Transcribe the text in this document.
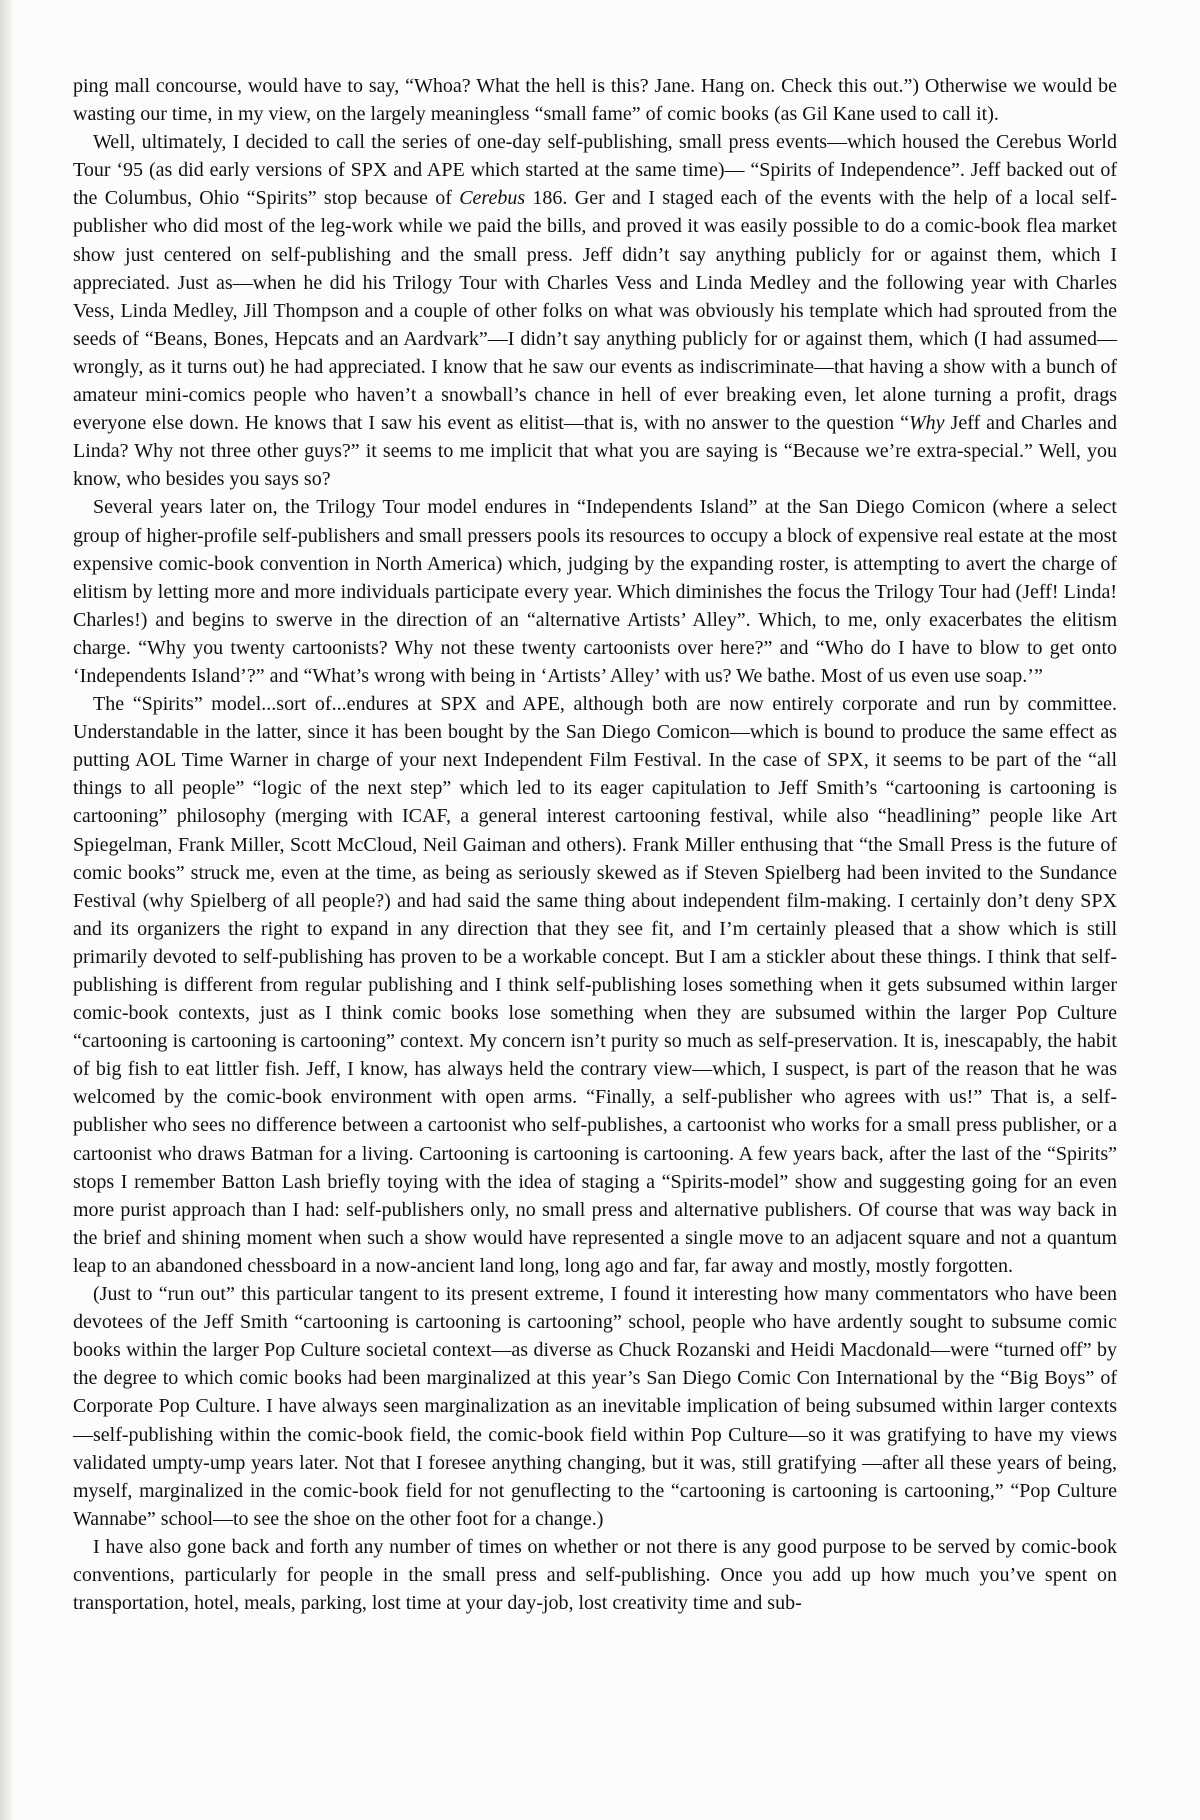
ping mall concourse, would have to say, “Whoa? What the hell is this? Jane. Hang on. Check this out.”) Otherwise we would be wasting our time, in my view, on the largely meaningless “small fame” of comic books (as Gil Kane used to call it).

Well, ultimately, I decided to call the series of one-day self-publishing, small press events—which housed the Cerebus World Tour ‘95 (as did early versions of SPX and APE which started at the same time)— “Spirits of Independence”. Jeff backed out of the Columbus, Ohio “Spirits” stop because of Cerebus 186. Ger and I staged each of the events with the help of a local self-publisher who did most of the leg-work while we paid the bills, and proved it was easily possible to do a comic-book flea market show just centered on self-publishing and the small press. Jeff didn’t say anything publicly for or against them, which I appreciated. Just as—when he did his Trilogy Tour with Charles Vess and Linda Medley and the following year with Charles Vess, Linda Medley, Jill Thompson and a couple of other folks on what was obviously his template which had sprouted from the seeds of “Beans, Bones, Hepcats and an Aardvark”—I didn’t say anything publicly for or against them, which (I had assumed—wrongly, as it turns out) he had appreciated. I know that he saw our events as indiscriminate—that having a show with a bunch of amateur mini-comics people who haven’t a snowball’s chance in hell of ever breaking even, let alone turning a profit, drags everyone else down. He knows that I saw his event as elitist—that is, with no answer to the question “Why Jeff and Charles and Linda? Why not three other guys?” it seems to me implicit that what you are saying is “Because we’re extra-special.” Well, you know, who besides you says so?

Several years later on, the Trilogy Tour model endures in “Independents Island” at the San Diego Comicon (where a select group of higher-profile self-publishers and small pressers pools its resources to occupy a block of expensive real estate at the most expensive comic-book convention in North America) which, judging by the expanding roster, is attempting to avert the charge of elitism by letting more and more individuals participate every year. Which diminishes the focus the Trilogy Tour had (Jeff! Linda! Charles!) and begins to swerve in the direction of an “alternative Artists’ Alley”. Which, to me, only exacerbates the elitism charge. “Why you twenty cartoonists? Why not these twenty cartoonists over here?” and “Who do I have to blow to get onto ‘Independents Island’?” and “What’s wrong with being in ‘Artists’ Alley’ with us? We bathe. Most of us even use soap.’”

The “Spirits” model...sort of...endures at SPX and APE, although both are now entirely corporate and run by committee. Understandable in the latter, since it has been bought by the San Diego Comicon—which is bound to produce the same effect as putting AOL Time Warner in charge of your next Independent Film Festival. In the case of SPX, it seems to be part of the “all things to all people” “logic of the next step” which led to its eager capitulation to Jeff Smith’s “cartooning is cartooning is cartooning” philosophy (merging with ICAF, a general interest cartooning festival, while also “headlining” people like Art Spiegelman, Frank Miller, Scott McCloud, Neil Gaiman and others). Frank Miller enthusing that “the Small Press is the future of comic books” struck me, even at the time, as being as seriously skewed as if Steven Spielberg had been invited to the Sundance Festival (why Spielberg of all people?) and had said the same thing about independent film-making. I certainly don’t deny SPX and its organizers the right to expand in any direction that they see fit, and I’m certainly pleased that a show which is still primarily devoted to self-publishing has proven to be a workable concept. But I am a stickler about these things. I think that self-publishing is different from regular publishing and I think self-publishing loses something when it gets subsumed within larger comic-book contexts, just as I think comic books lose something when they are subsumed within the larger Pop Culture “cartooning is cartooning is cartooning” context. My concern isn’t purity so much as self-preservation. It is, inescapably, the habit of big fish to eat littler fish. Jeff, I know, has always held the contrary view—which, I suspect, is part of the reason that he was welcomed by the comic-book environment with open arms. “Finally, a self-publisher who agrees with us!” That is, a self-publisher who sees no difference between a cartoonist who self-publishes, a cartoonist who works for a small press publisher, or a cartoonist who draws Batman for a living. Cartooning is cartooning is cartooning. A few years back, after the last of the “Spirits” stops I remember Batton Lash briefly toying with the idea of staging a “Spirits-model” show and suggesting going for an even more purist approach than I had: self-publishers only, no small press and alternative publishers. Of course that was way back in the brief and shining moment when such a show would have represented a single move to an adjacent square and not a quantum leap to an abandoned chessboard in a now-ancient land long, long ago and far, far away and mostly, mostly forgotten.

(Just to “run out” this particular tangent to its present extreme, I found it interesting how many commentators who have been devotees of the Jeff Smith “cartooning is cartooning is cartooning” school, people who have ardently sought to subsume comic books within the larger Pop Culture societal context—as diverse as Chuck Rozanski and Heidi Macdonald—were “turned off” by the degree to which comic books had been marginalized at this year’s San Diego Comic Con International by the “Big Boys” of Corporate Pop Culture. I have always seen marginalization as an inevitable implication of being subsumed within larger contexts—self-publishing within the comic-book field, the comic-book field within Pop Culture—so it was gratifying to have my views validated umpty-ump years later. Not that I foresee anything changing, but it was, still gratifying —after all these years of being, myself, marginalized in the comic-book field for not genuflecting to the “cartooning is cartooning is cartooning,” “Pop Culture Wannabe” school—to see the shoe on the other foot for a change.)

I have also gone back and forth any number of times on whether or not there is any good purpose to be served by comic-book conventions, particularly for people in the small press and self-publishing. Once you add up how much you’ve spent on transportation, hotel, meals, parking, lost time at your day-job, lost creativity time and sub-
